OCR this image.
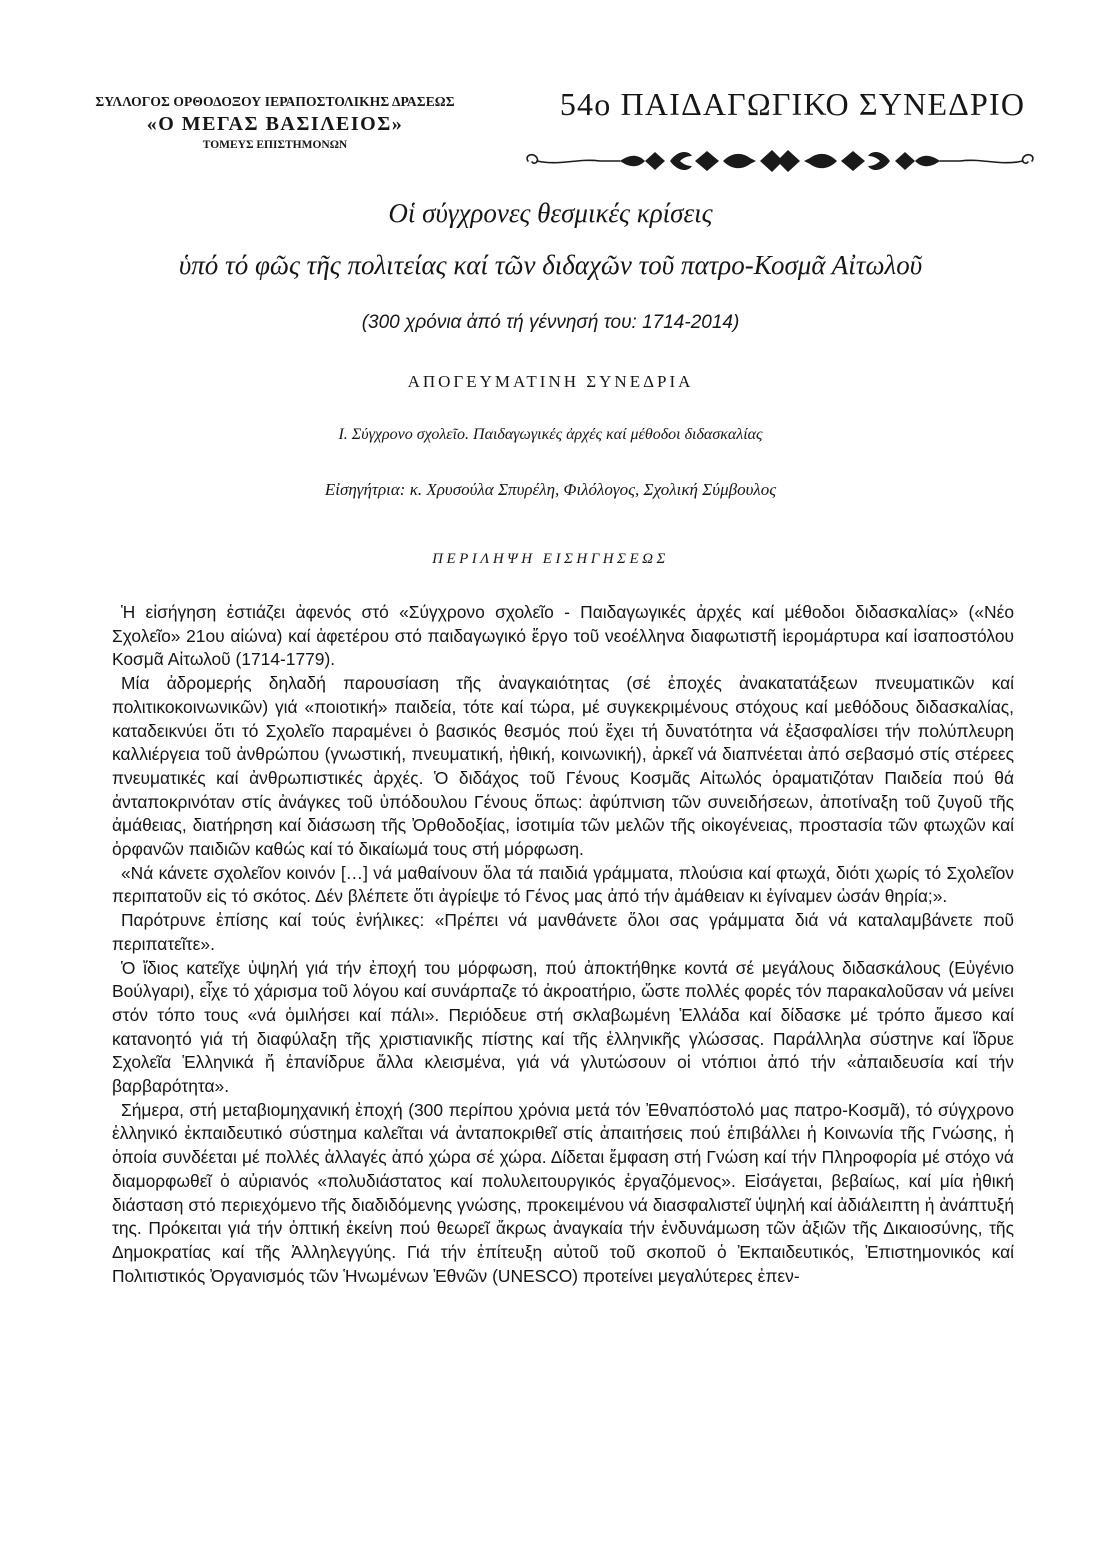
ΣΥΛΛΟΓΟΣ ΟΡΘΟΔΟΞΟΥ ΙΕΡΑΠΟΣΤΟΛΙΚΗΣ ΔΡΑΣΕΩΣ
«Ο ΜΕΓΑΣ ΒΑΣΙΛΕΙΟΣ»
ΤΟΜΕΥΣ ΕΠΙΣΤΗΜΟΝΩΝ
54ο ΠΑΙΔΑΓΩΓΙΚΟ ΣΥΝΕΔΡΙΟ
Οἱ σύγχρονες θεσμικές κρίσεις
ὑπό τό φῶς τῆς πολιτείας καί τῶν διδαχῶν τοῦ πατρο-Κοσμᾶ Αἰτωλοῦ
(300 χρόνια ἀπό τή γέννησή του: 1714-2014)
ΑΠΟΓΕΥΜΑΤΙΝΗ ΣΥΝΕΔΡΙΑ
Ι. Σύγχρονο σχολεῖο. Παιδαγωγικές ἀρχές καί μέθοδοι διδασκαλίας
Εἰσηγήτρια: κ. Χρυσούλα Σπυρέλη, Φιλόλογος, Σχολική Σύμβουλος
ΠΕΡΙΛΗΨΗ ΕΙΣΗΓΗΣΕΩΣ

Ἡ εἰσήγηση ἑστιάζει ἀφενός στό «Σύγχρονο σχολεῖο - Παιδαγωγικές ἀρχές καί μέθοδοι διδασκαλίας» («Νέο Σχολεῖο» 21ου αἰώνα) καί ἀφετέρου στό παιδαγωγικό ἔργο τοῦ νεοέλληνα διαφωτιστῆ ἱερομάρτυρα καί ἰσαποστόλου Κοσμᾶ Αἰτωλοῦ (1714-1779).

Μία ἀδρομερής δηλαδή παρουσίαση τῆς ἀναγκαιότητας (σέ ἐποχές ἀνακατατάξεων πνευματικῶν καί πολιτικοκοινωνικῶν) γιά «ποιοτική» παιδεία, τότε καί τώρα, μέ συγκεκριμένους στόχους καί μεθόδους διδασκαλίας, καταδεικνύει ὅτι τό Σχολεῖο παραμένει ὁ βασικός θεσμός πού ἔχει τή δυνατότητα νά ἐξασφαλίσει τήν πολύπλευρη καλλιέργεια τοῦ ἀνθρώπου (γνωστική, πνευματική, ἠθική, κοινωνική), ἀρκεῖ νά διαπνέεται ἀπό σεβασμό στίς στέρεες πνευματικές καί ἀνθρωπιστικές ἀρχές. Ὁ διδάχος τοῦ Γένους Κοσμᾶς Αἰτωλός ὁραματιζόταν Παιδεία πού θά ἀνταποκρινόταν στίς ἀνάγκες τοῦ ὑπόδουλου Γένους ὅπως: ἀφύπνιση τῶν συνειδήσεων, ἀποτίναξη τοῦ ζυγοῦ τῆς ἀμάθειας, διατήρηση καί διάσωση τῆς Ὀρθοδοξίας, ἰσοτιμία τῶν μελῶν τῆς οἰκογένειας, προστασία τῶν φτωχῶν καί ὀρφανῶν παιδιῶν καθώς καί τό δικαίωμά τους στή μόρφωση.

«Νά κάνετε σχολεῖον κοινόν […] νά μαθαίνουν ὅλα τά παιδιά γράμματα, πλούσια καί φτωχά, διότι χωρίς τό Σχολεῖον περιπατοῦν εἰς τό σκότος. Δέν βλέπετε ὅτι ἀγρίεψε τό Γένος μας ἀπό τήν ἀμάθειαν κι ἐγίναμεν ὡσάν θηρία;».

Παρότρυνε ἐπίσης καί τούς ἐνήλικες: «Πρέπει νά μανθάνετε ὅλοι σας γράμματα διά νά καταλαμβάνετε ποῦ περιπατεῖτε».

Ὁ ἴδιος κατεῖχε ὑψηλή γιά τήν ἐποχή του μόρφωση, πού ἀποκτήθηκε κοντά σέ μεγάλους διδασκάλους (Εὐγένιο Βούλγαρι), εἶχε τό χάρισμα τοῦ λόγου καί συνάρπαζε τό ἀκροατήριο, ὥστε πολλές φορές τόν παρακαλοῦσαν νά μείνει στόν τόπο τους «νά ὁμιλήσει καί πάλι». Περιόδευε στή σκλαβωμένη Ἑλλάδα καί δίδασκε μέ τρόπο ἄμεσο καί κατανοητό γιά τή διαφύλαξη τῆς χριστιανικῆς πίστης καί τῆς ἑλληνικῆς γλώσσας. Παράλληλα σύστηνε καί ἵδρυε Σχολεῖα Ἑλληνικά ἤ ἐπανίδρυε ἄλλα κλεισμένα, γιά νά γλυτώσουν οἱ ντόπιοι ἀπό τήν «ἀπαιδευσία καί τήν βαρβαρότητα».

Σήμερα, στή μεταβιομηχανική ἐποχή (300 περίπου χρόνια μετά τόν Ἐθναπόστολό μας πατρο-Κοσμᾶ), τό σύγχρονο ἑλληνικό ἐκπαιδευτικό σύστημα καλεῖται νά ἀνταποκριθεῖ στίς ἀπαιτήσεις πού ἐπιβάλλει ἡ Κοινωνία τῆς Γνώσης, ἡ ὁποία συνδέεται μέ πολλές ἀλλαγές ἀπό χώρα σέ χώρα. Δίδεται ἔμφαση στή Γνώση καί τήν Πληροφορία μέ στόχο νά διαμορφωθεῖ ὁ αὐριανός «πολυδιάστατος καί πολυλειτουργικός ἐργαζόμενος». Εἰσάγεται, βεβαίως, καί μία ἠθική διάσταση στό περιεχόμενο τῆς διαδιδόμενης γνώσης, προκειμένου νά διασφαλιστεῖ ὑψηλή καί ἀδιάλειπτη ἡ ἀνάπτυξή της. Πρόκειται γιά τήν ὀπτική ἐκείνη πού θεωρεῖ ἄκρως ἀναγκαία τήν ἐνδυνάμωση τῶν ἀξιῶν τῆς Δικαιοσύνης, τῆς Δημοκρατίας καί τῆς Ἀλληλεγγύης. Γιά τήν ἐπίτευξη αὐτοῦ τοῦ σκοποῦ ὁ Ἐκπαιδευτικός, Ἐπιστημονικός καί Πολιτιστικός Ὀργανισμός τῶν Ἡνωμένων Ἐθνῶν (UNESCO) προτείνει μεγαλύτερες ἐπεν-
